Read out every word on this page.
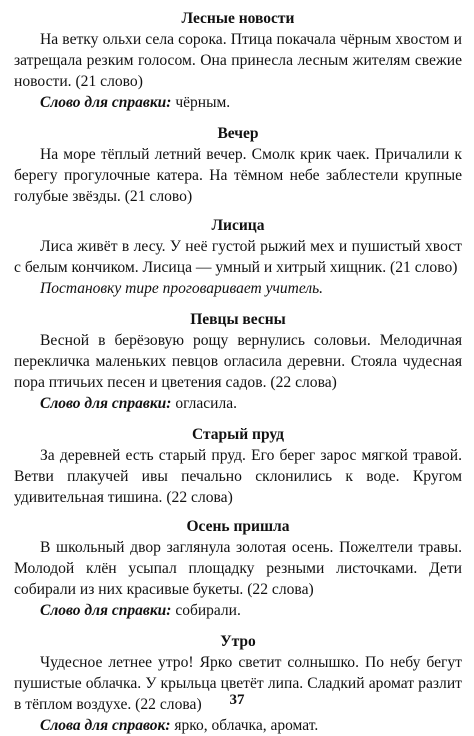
Лесные новости

На ветку ольхи села сорока. Птица покачала чёрным хвостом и затрещала резким голосом. Она принесла лесным жителям свежие новости. (21 слово)

Слово для справки: чёрным.

Вечер

На море тёплый летний вечер. Смолк крик чаек. Причалили к берегу прогулочные катера. На тёмном небе заблестели крупные голубые звёзды. (21 слово)

Лисица

Лиса живёт в лесу. У неё густой рыжий мех и пушистый хвост с белым кончиком. Лисица — умный и хитрый хищник. (21 слово)

Постановку тире проговаривает учитель.

Певцы весны

Весной в берёзовую рощу вернулись соловьи. Мелодичная перекличка маленьких певцов огласила деревни. Стояла чудесная пора птичьих песен и цветения садов. (22 слова)

Слово для справки: огласила.

Старый пруд

За деревней есть старый пруд. Его берег зарос мягкой травой. Ветви плакучей ивы печально склонились к воде. Кругом удивительная тишина. (22 слова)

Осень пришла

В школьный двор заглянула золотая осень. Пожелтели травы. Молодой клён усыпал площадку резными листочками. Дети собирали из них красивые букеты. (22 слова)

Слово для справки: собирали.

Утро

Чудесное летнее утро! Ярко светит солнышко. По небу бегут пушистые облачка. У крыльца цветёт липа. Сладкий аромат разлит в тёплом воздухе. (22 слова)

Слова для справок: ярко, облачка, аромат.

37
